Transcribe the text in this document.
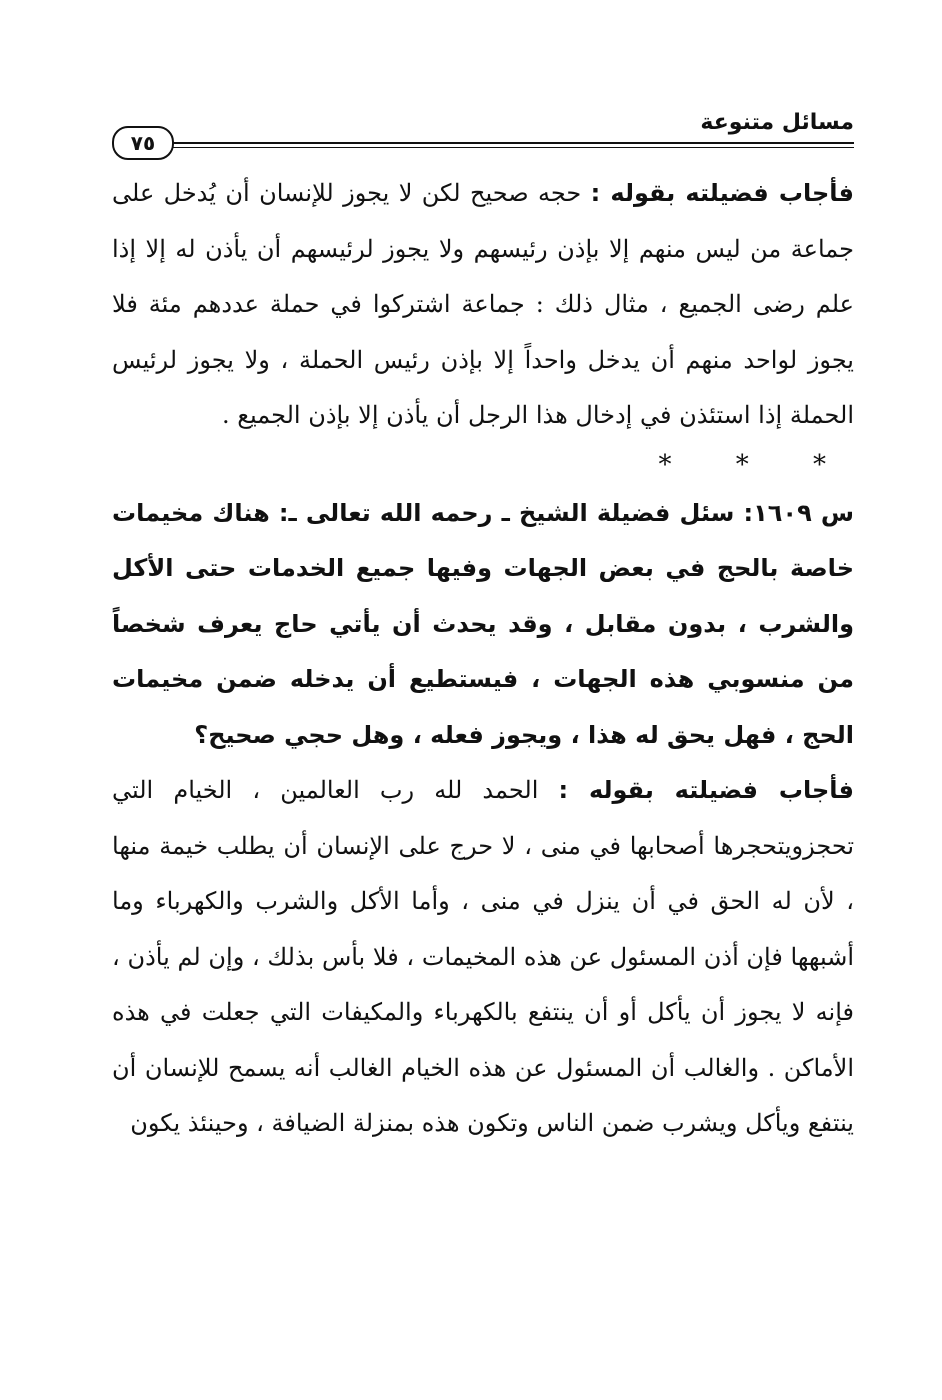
مسائل متنوعة
٧٥

فأجاب فضيلته بقوله : حجه صحيح لكن لا يجوز للإنسان أن يُدخل على جماعة من ليس منهم إلا بإذن رئيسهم ولا يجوز لرئيسهم أن يأذن له إلا إذا علم رضى الجميع ، مثال ذلك : جماعة اشتركوا في حملة عددهم مئة فلا يجوز لواحد منهم أن يدخل واحداً إلا بإذن رئيس الحملة ، ولا يجوز لرئيس الحملة إذا استئذن في إدخال هذا الرجل أن يأذن إلا بإذن الجميع .

* * *

س ١٦٠٩: سئل فضيلة الشيخ ـ رحمه الله تعالى ـ: هناك مخيمات خاصة بالحج في بعض الجهات وفيها جميع الخدمات حتى الأكل والشرب ، بدون مقابل ، وقد يحدث أن يأتي حاج يعرف شخصاً من منسوبي هذه الجهات ، فيستطيع أن يدخله ضمن مخيمات الحج ، فهل يحق له هذا ، ويجوز فعله ، وهل حجي صحيح؟

فأجاب فضيلته بقوله : الحمد لله رب العالمين ، الخيام التي تحجزويتحجرها أصحابها في منى ، لا حرج على الإنسان أن يطلب خيمة منها ، لأن له الحق في أن ينزل في منى ، وأما الأكل والشرب والكهرباء وما أشبهها فإن أذن المسئول عن هذه المخيمات ، فلا بأس بذلك ، وإن لم يأذن ، فإنه لا يجوز أن يأكل أو أن ينتفع بالكهرباء والمكيفات التي جعلت في هذه الأماكن . والغالب أن المسئول عن هذه الخيام الغالب أنه يسمح للإنسان أن ينتفع ويأكل ويشرب ضمن الناس وتكون هذه بمنزلة الضيافة ، وحينئذ يكون
